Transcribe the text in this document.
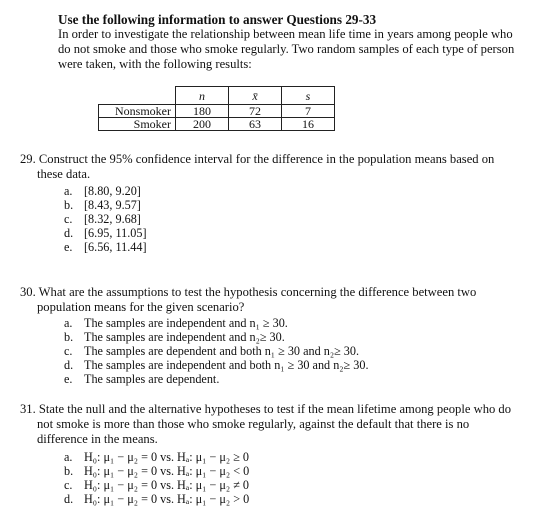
Use the following information to answer Questions 29-33
In order to investigate the relationship between mean life time in years among people who
do not smoke and those who smoke regularly. Two random samples of each type of person
were taken, with the following results:
	n	x̄	s
Nonsmoker	180	72	7
Smoker	200	63	16
29. Construct the 95% confidence interval for the difference in the population means based on
these data.
a. [8.80, 9.20]
b. [8.43, 9.57]
c. [8.32, 9.68]
d. [6.95, 11.05]
e. [6.56, 11.44]
30. What are the assumptions to test the hypothesis concerning the difference between two
population means for the given scenario?
a. The samples are independent and n₁ ≥ 30.
b. The samples are independent and n₂≥ 30.
c. The samples are dependent and both n₁ ≥ 30 and n₂≥ 30.
d. The samples are independent and both n₁ ≥ 30 and n₂≥ 30.
e. The samples are dependent.
31. State the null and the alternative hypotheses to test if the mean lifetime among people who do
not smoke is more than those who smoke regularly, against the default that there is no
difference in the means.
a. H₀: μ₁ − μ₂ = 0 vs. Hₐ: μ₁ − μ₂ ≥ 0
b. H₀: μ₁ − μ₂ = 0 vs. Hₐ: μ₁ − μ₂ < 0
c. H₀: μ₁ − μ₂ = 0 vs. Hₐ: μ₁ − μ₂ ≠ 0
d. H₀: μ₁ − μ₂ = 0 vs. Hₐ: μ₁ − μ₂ > 0
